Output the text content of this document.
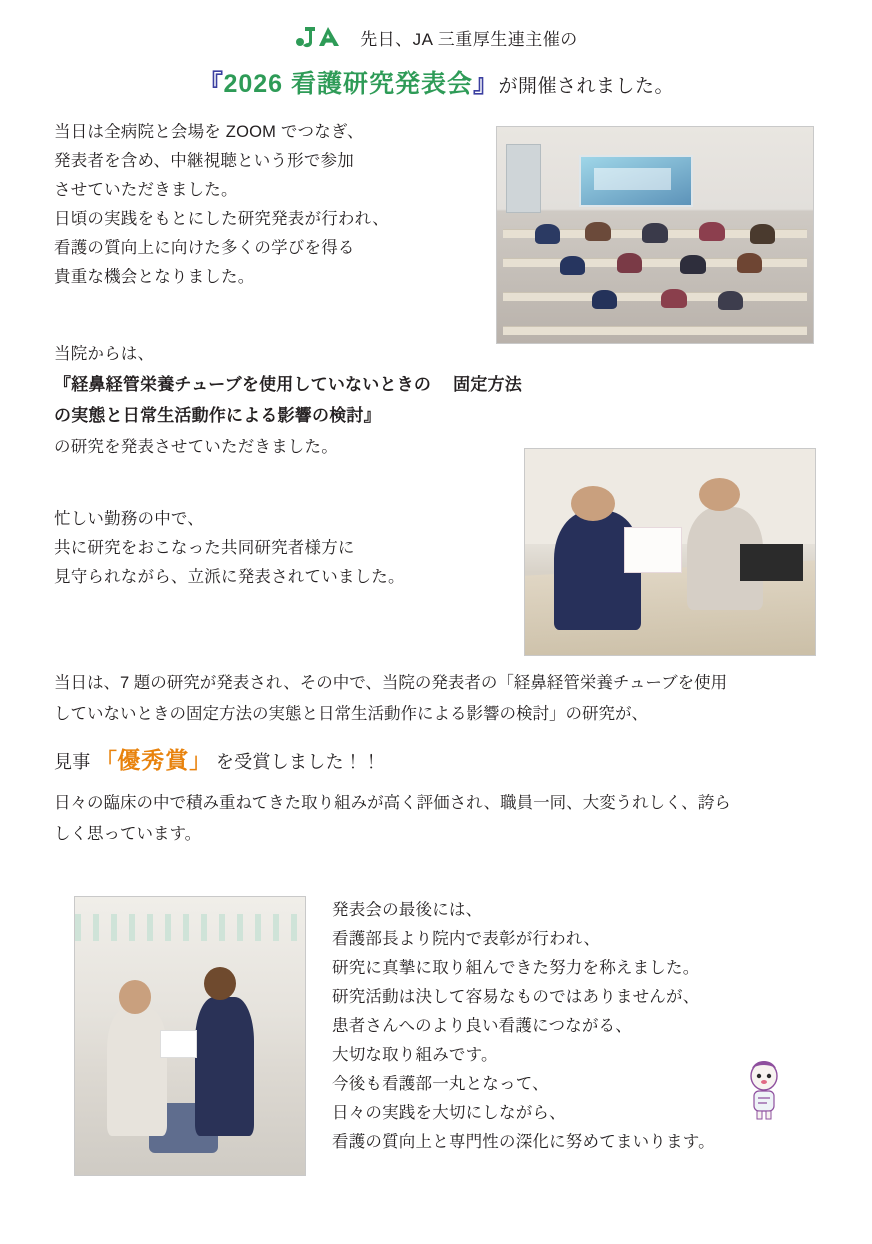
先日、JA 三重厚生連主催の
『2026 看護研究発表会』が開催されました。
当日は全病院と会場を ZOOM でつなぎ、
発表者を含め、中継視聴という形で参加
させていただきました。
日頃の実践をもとにした研究発表が行われ、
看護の質向上に向けた多くの学びを得る
貴重な機会となりました。
当院からは、
『経鼻経管栄養チューブを使用していないときの 　固定方法の実態と日常生活動作による影響の検討』
の研究を発表させていただきました。
忙しい勤務の中で、
共に研究をおこなった共同研究者様方に
見守られながら、立派に発表されていました。
当日は、7 題の研究が発表され、その中で、当院の発表者の「経鼻経管栄養チューブを使用
していないときの固定方法の実態と日常生活動作による影響の検討」の研究が、
見事 「優秀賞」 を受賞しました！！
日々の臨床の中で積み重ねてきた取り組みが高く評価され、職員一同、大変うれしく、誇ら
しく思っています。
発表会の最後には、
看護部長より院内で表彰が行われ、
研究に真摯に取り組んできた努力を称えました。
研究活動は決して容易なものではありませんが、
患者さんへのより良い看護につながる、
大切な取り組みです。
今後も看護部一丸となって、
日々の実践を大切にしながら、
看護の質向上と専門性の深化に努めてまいります。
